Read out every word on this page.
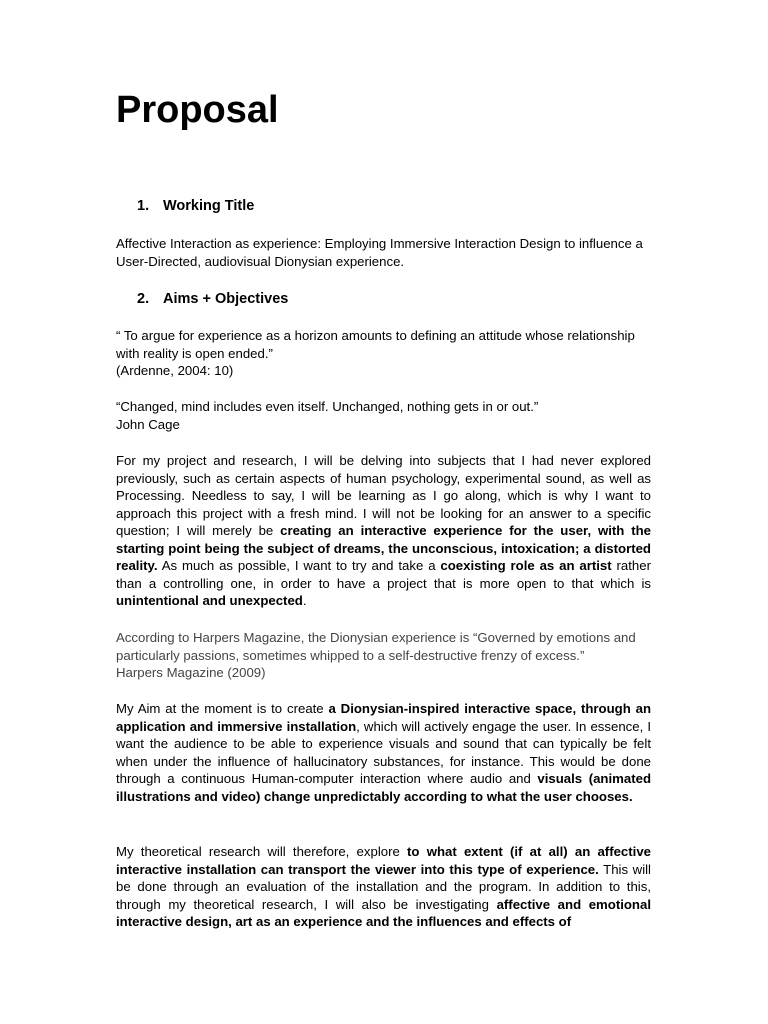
Proposal
1. Working Title

Affective Interaction as experience: Employing Immersive Interaction Design to influence a User-Directed, audiovisual Dionysian experience.

2. Aims + Objectives
“ To argue for experience as a horizon amounts to defining an attitude whose relationship with reality is open ended.”
(Ardenne, 2004: 10)
“Changed, mind includes even itself. Unchanged, nothing gets in or out.”
John Cage

For my project and research, I will be delving into subjects that I had never explored previously, such as certain aspects of human psychology, experimental sound, as well as Processing. Needless to say, I will be learning as I go along, which is why I want to approach this project with a fresh mind. I will not be looking for an answer to a specific question; I will merely be creating an interactive experience for the user, with the starting point being the subject of dreams, the unconscious, intoxication; a distorted reality. As much as possible, I want to try and take a coexisting role as an artist rather than a controlling one, in order to have a project that is more open to that which is unintentional and unexpected.

According to Harpers Magazine, the Dionysian experience is “Governed by emotions and particularly passions, sometimes whipped to a self-destructive frenzy of excess.”
Harpers Magazine (2009)

My Aim at the moment is to create a Dionysian-inspired interactive space, through an application and immersive installation, which will actively engage the user. In essence, I want the audience to be able to experience visuals and sound that can typically be felt when under the influence of hallucinatory substances, for instance. This would be done through a continuous Human-computer interaction where audio and visuals (animated illustrations and video) change unpredictably according to what the user chooses.

My theoretical research will therefore, explore to what extent (if at all) an affective interactive installation can transport the viewer into this type of experience. This will be done through an evaluation of the installation and the program. In addition to this, through my theoretical research, I will also be investigating affective and emotional interactive design, art as an experience and the influences and effects of
